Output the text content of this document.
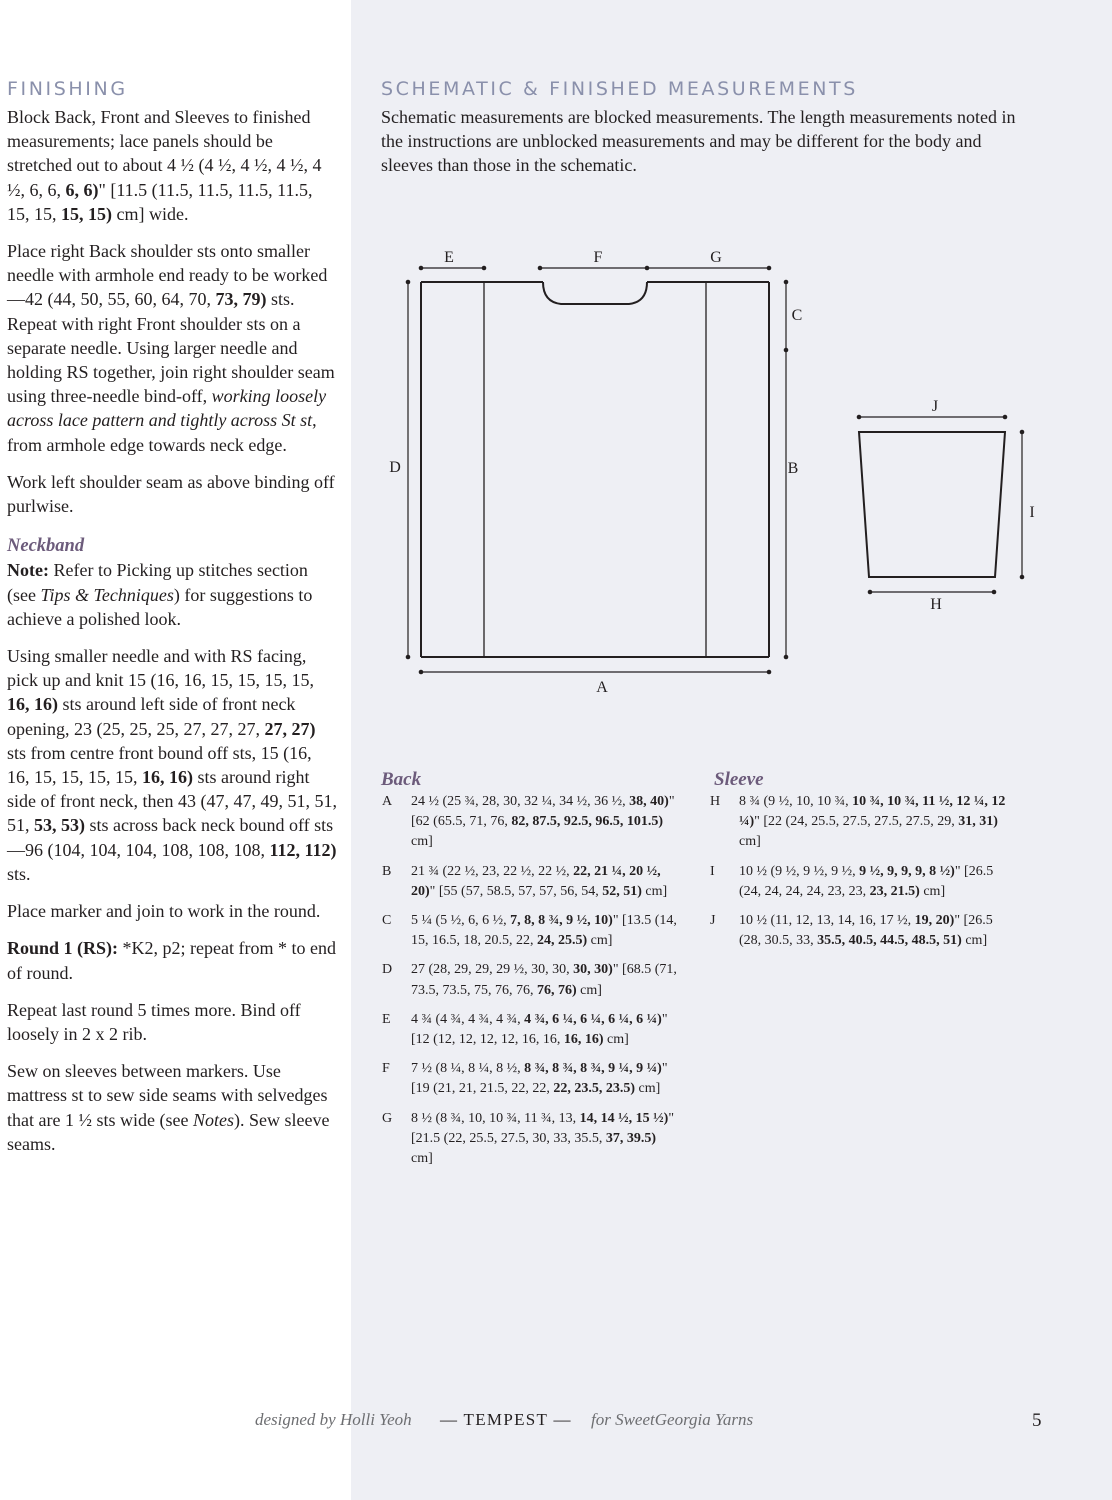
FINISHING

Block Back, Front and Sleeves to finished measurements; lace panels should be stretched out to about 4 ½ (4 ½, 4 ½, 4 ½, 4 ½, 6, 6, 6, 6)" [11.5 (11.5, 11.5, 11.5, 11.5, 15, 15, 15, 15) cm] wide.

Place right Back shoulder sts onto smaller needle with armhole end ready to be worked—42 (44, 50, 55, 60, 64, 70, 73, 79) sts. Repeat with right Front shoulder sts on a separate needle. Using larger needle and holding RS together, join right shoulder seam using three-needle bind-off, working loosely across lace pattern and tightly across St st, from armhole edge towards neck edge.

Work left shoulder seam as above binding off purlwise.

Neckband

Note: Refer to Picking up stitches section (see Tips & Techniques) for suggestions to achieve a polished look.

Using smaller needle and with RS facing, pick up and knit 15 (16, 16, 15, 15, 15, 15, 16, 16) sts around left side of front neck opening, 23 (25, 25, 25, 27, 27, 27, 27, 27) sts from centre front bound off sts, 15 (16, 16, 15, 15, 15, 15, 16, 16) sts around right side of front neck, then 43 (47, 47, 49, 51, 51, 51, 53, 53) sts across back neck bound off sts—96 (104, 104, 104, 108, 108, 108, 112, 112) sts.

Place marker and join to work in the round.

Round 1 (RS): *K2, p2; repeat from * to end of round.

Repeat last round 5 times more. Bind off loosely in 2 x 2 rib.

Sew on sleeves between markers. Use mattress st to sew side seams with selvedges that are 1 ½ sts wide (see Notes). Sew sleeve seams.

SCHEMATIC & FINISHED MEASUREMENTS

Schematic measurements are blocked measurements. The length measurements noted in the instructions are unblocked measurements and may be different for the body and sleeves than those in the schematic.

E	F	G
C
B
D
A
J
I
H
Back
A	24 ½ (25 ¾, 28, 30, 32 ¼, 34 ½, 36 ½, 38, 40)" [62 (65.5, 71, 76, 82, 87.5, 92.5, 96.5, 101.5) cm]
B	21 ¾ (22 ½, 23, 22 ½, 22 ½, 22, 21 ¼, 20 ½, 20)" [55 (57, 58.5, 57, 57, 56, 54, 52, 51) cm]
C	5 ¼ (5 ½, 6, 6 ½, 7, 8, 8 ¾, 9 ½, 10)" [13.5 (14, 15, 16.5, 18, 20.5, 22, 24, 25.5) cm]
D	27 (28, 29, 29, 29 ½, 30, 30, 30, 30)" [68.5 (71, 73.5, 73.5, 75, 76, 76, 76, 76) cm]
E	4 ¾ (4 ¾, 4 ¾, 4 ¾, 4 ¾, 6 ¼, 6 ¼, 6 ¼, 6 ¼)" [12 (12, 12, 12, 12, 16, 16, 16, 16) cm]
F	7 ½ (8 ¼, 8 ¼, 8 ½, 8 ¾, 8 ¾, 8 ¾, 9 ¼, 9 ¼)" [19 (21, 21, 21.5, 22, 22, 22, 23.5, 23.5) cm]
G	8 ½ (8 ¾, 10, 10 ¾, 11 ¾, 13, 14, 14 ½, 15 ½)" [21.5 (22, 25.5, 27.5, 30, 33, 35.5, 37, 39.5) cm]
Sleeve
H	8 ¾ (9 ½, 10, 10 ¾, 10 ¾, 10 ¾, 11 ½, 12 ¼, 12 ¼)" [22 (24, 25.5, 27.5, 27.5, 27.5, 29, 31, 31) cm]
I	10 ½ (9 ½, 9 ½, 9 ½, 9 ½, 9, 9, 9, 8 ½)" [26.5 (24, 24, 24, 24, 23, 23, 23, 21.5) cm]
J	10 ½ (11, 12, 13, 14, 16, 17 ½, 19, 20)" [26.5 (28, 30.5, 33, 35.5, 40.5, 44.5, 48.5, 51) cm]
designed by Holli Yeoh — TEMPEST — for SweetGeorgia Yarns	5
